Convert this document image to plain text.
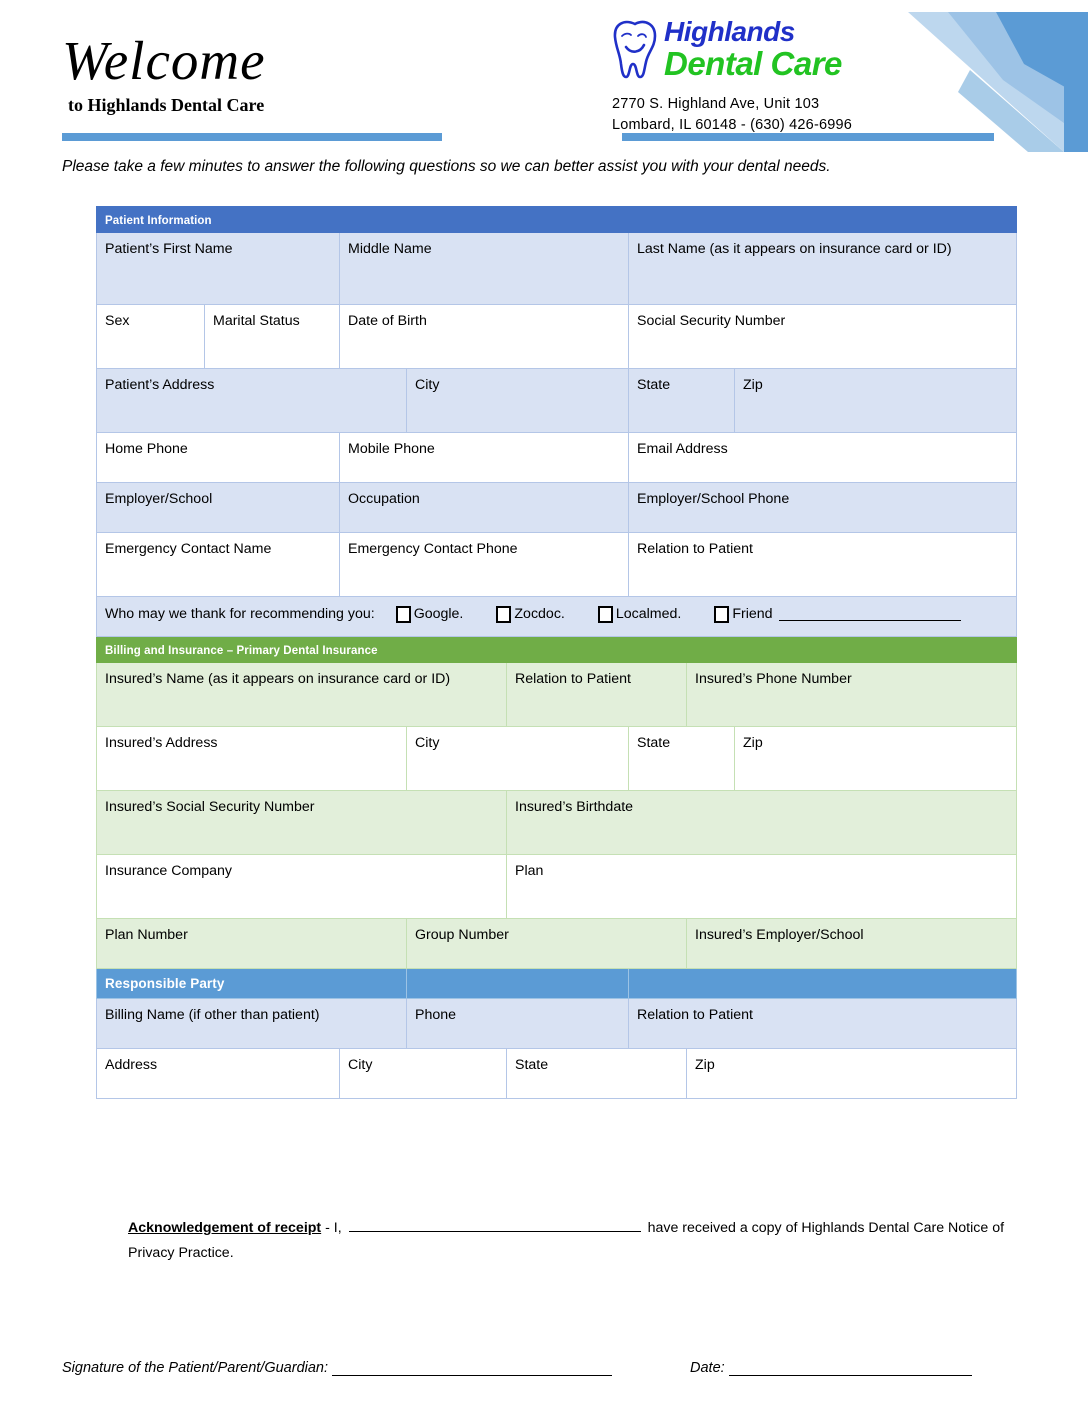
Welcome
to Highlands Dental Care
Highlands
Dental Care
2770 S. Highland Ave, Unit 103
Lombard, IL 60148 - (630) 426-6996
Please take a few minutes to answer the following questions so we can better assist you with your dental needs.
Patient Information							
Patient’s First Name		Middle Name			Last Name (as it appears on insurance card or ID)		
Sex	Marital Status	Date of Birth			Social Security Number		
Patient’s Address			City		State		Zip
Home Phone		Mobile Phone			Email Address		
Employer/School		Occupation			Employer/School Phone		
Emergency Contact Name		Emergency Contact Phone			Relation to Patient		

Who may we thank for recommending you: Google. Zocdoc. Localmed. Friend							

Billing and Insurance – Primary Dental Insurance							
Insured’s Name (as it appears on insurance card or ID)				Relation to Patient		Insured’s Phone Number	
Insured’s Address			City		State		Zip
Insured’s Social Security Number				Insured’s Birthdate			
Insurance Company				Plan			
Plan Number			Group Number			Insured’s Employer/School	
Responsible Party							
Billing Name (if other than patient)			Phone		Relation to Patient		
Address		City		State		Zip	
Acknowledgement of receipt - I,	have received a copy of Highlands Dental Care Notice of
Privacy Practice.
Signature of the Patient/Parent/Guardian:	Date:
